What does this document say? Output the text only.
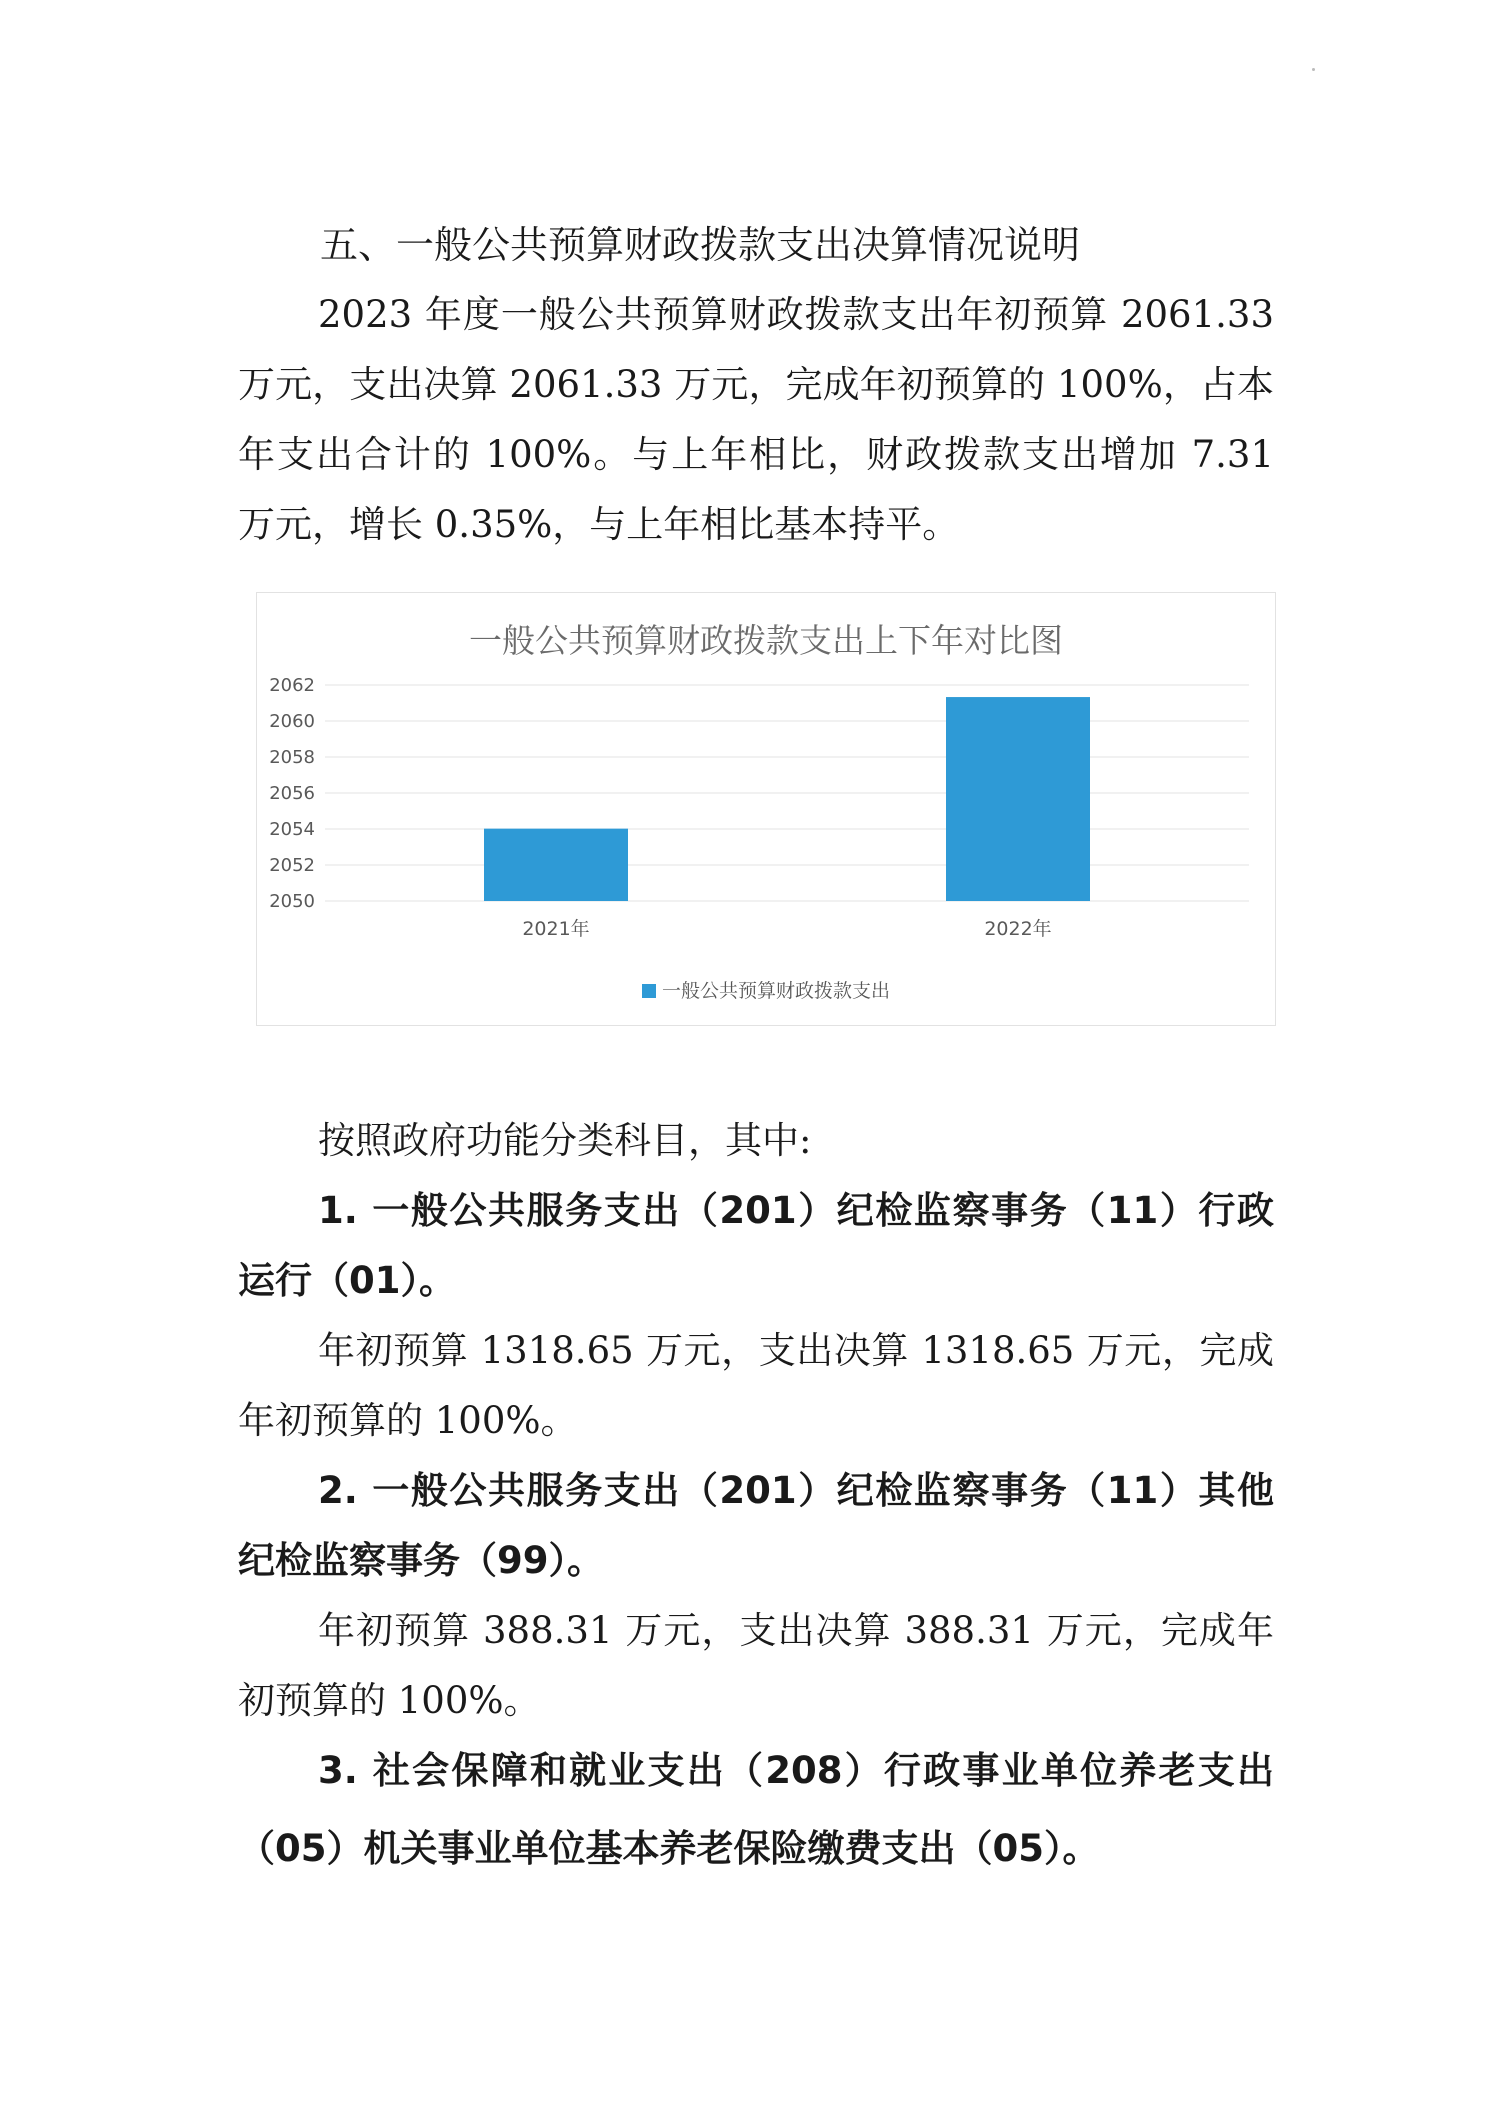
五、一般公共预算财政拨款支出决算情况说明

2023 年度一般公共预算财政拨款支出年初预算 2061.33

万元，支出决算 2061.33 万元，完成年初预算的 100%，占本

年支出合计的 100%。与上年相比，财政拨款支出增加 7.31

万元，增长 0.35%，与上年相比基本持平。

一般公共预算财政拨款支出上下年对比图
2050
2052
2054
2056
2058
2060
2062
2021年	2022年
一般公共预算财政拨款支出

按照政府功能分类科目，其中:

1. 一般公共服务支出（201）纪检监察事务（11）行政

运行（01）。

年初预算 1318.65 万元，支出决算 1318.65 万元，完成

年初预算的 100%。

2. 一般公共服务支出（201）纪检监察事务（11）其他

纪检监察事务（99）。

年初预算 388.31 万元，支出决算 388.31 万元，完成年

初预算的 100%。

3. 社会保障和就业支出（208）行政事业单位养老支出

（05）机关事业单位基本养老保险缴费支出（05）。
